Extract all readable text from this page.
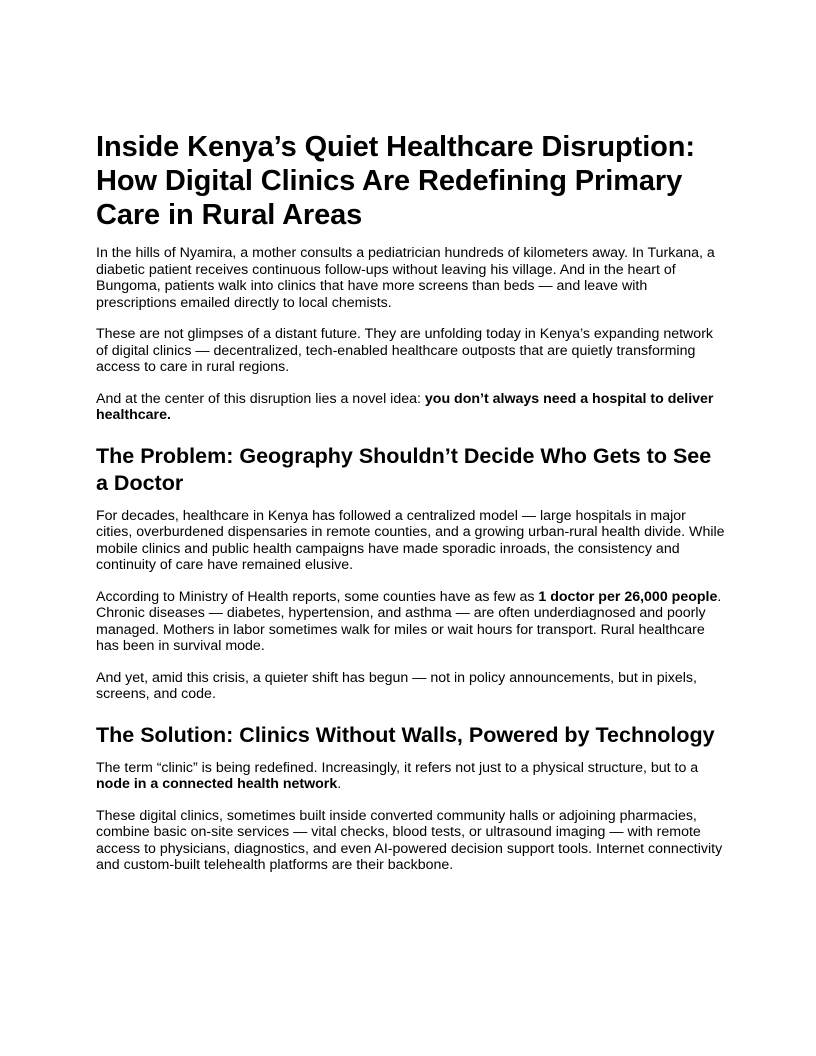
Inside Kenya’s Quiet Healthcare Disruption: How Digital Clinics Are Redefining Primary Care in Rural Areas

In the hills of Nyamira, a mother consults a pediatrician hundreds of kilometers away. In Turkana, a diabetic patient receives continuous follow-ups without leaving his village. And in the heart of Bungoma, patients walk into clinics that have more screens than beds — and leave with prescriptions emailed directly to local chemists.

These are not glimpses of a distant future. They are unfolding today in Kenya’s expanding network of digital clinics — decentralized, tech-enabled healthcare outposts that are quietly transforming access to care in rural regions.

And at the center of this disruption lies a novel idea: you don’t always need a hospital to deliver healthcare.

The Problem: Geography Shouldn’t Decide Who Gets to See a Doctor

For decades, healthcare in Kenya has followed a centralized model — large hospitals in major cities, overburdened dispensaries in remote counties, and a growing urban-rural health divide. While mobile clinics and public health campaigns have made sporadic inroads, the consistency and continuity of care have remained elusive.

According to Ministry of Health reports, some counties have as few as 1 doctor per 26,000 people. Chronic diseases — diabetes, hypertension, and asthma — are often underdiagnosed and poorly managed. Mothers in labor sometimes walk for miles or wait hours for transport. Rural healthcare has been in survival mode.

And yet, amid this crisis, a quieter shift has begun — not in policy announcements, but in pixels, screens, and code.

The Solution: Clinics Without Walls, Powered by Technology

The term “clinic” is being redefined. Increasingly, it refers not just to a physical structure, but to a node in a connected health network.

These digital clinics, sometimes built inside converted community halls or adjoining pharmacies, combine basic on-site services — vital checks, blood tests, or ultrasound imaging — with remote access to physicians, diagnostics, and even AI-powered decision support tools. Internet connectivity and custom-built telehealth platforms are their backbone.
